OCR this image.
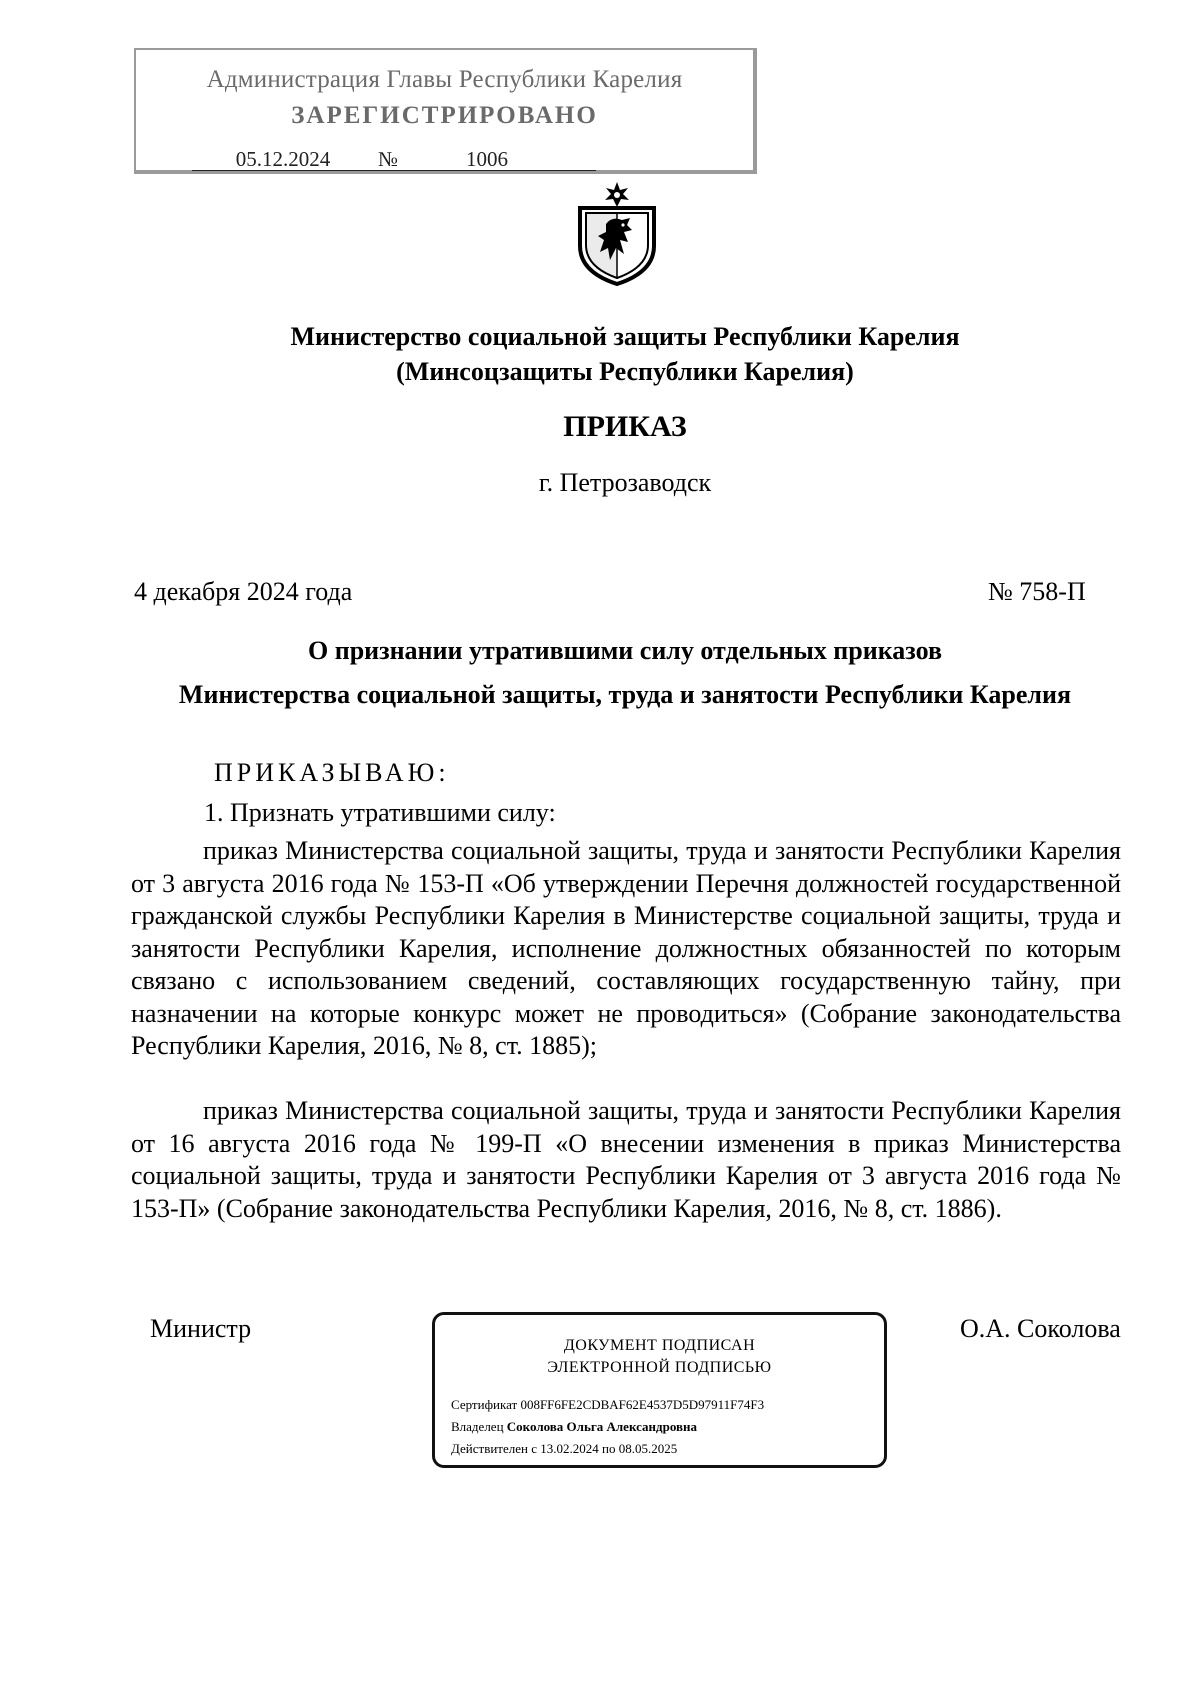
Администрация Главы Республики Карелия
ЗАРЕГИСТРИРОВАНО
05.12.2024	№	1006
Министерство социальной защиты Республики Карелия
(Минсоцзащиты Республики Карелия)
ПРИКАЗ
г. Петрозаводск
4 декабря 2024 года	№ 758-П
О признании утратившими силу отдельных приказов
Министерства социальной защиты, труда и занятости Республики Карелия
ПРИКАЗЫВАЮ:
1. Признать утратившими силу:

приказ Министерства социальной защиты, труда и занятости Республики Карелия от 3 августа 2016 года № 153-П «Об утверждении Перечня должностей государственной гражданской службы Республики Карелия в Министерстве социальной защиты, труда и занятости Республики Карелия, исполнение должностных обязанностей по которым связано с использованием сведений, составляющих государственную тайну, при назначении на которые конкурс может не проводиться» (Собрание законодательства Республики Карелия, 2016, № 8, ст. 1885);

приказ Министерства социальной защиты, труда и занятости Республики Карелия от 16 августа 2016 года № 199-П «О внесении изменения в приказ Министерства социальной защиты, труда и занятости Республики Карелия от 3 августа 2016 года № 153-П» (Собрание законодательства Республики Карелия, 2016, № 8, ст. 1886).

Министр	О.А. Соколова
ДОКУМЕНТ ПОДПИСАН
ЭЛЕКТРОННОЙ ПОДПИСЬЮ
Сертификат 008FF6FE2CDBAF62E4537D5D97911F74F3
Владелец Соколова Ольга Александровна
Действителен с 13.02.2024 по 08.05.2025
